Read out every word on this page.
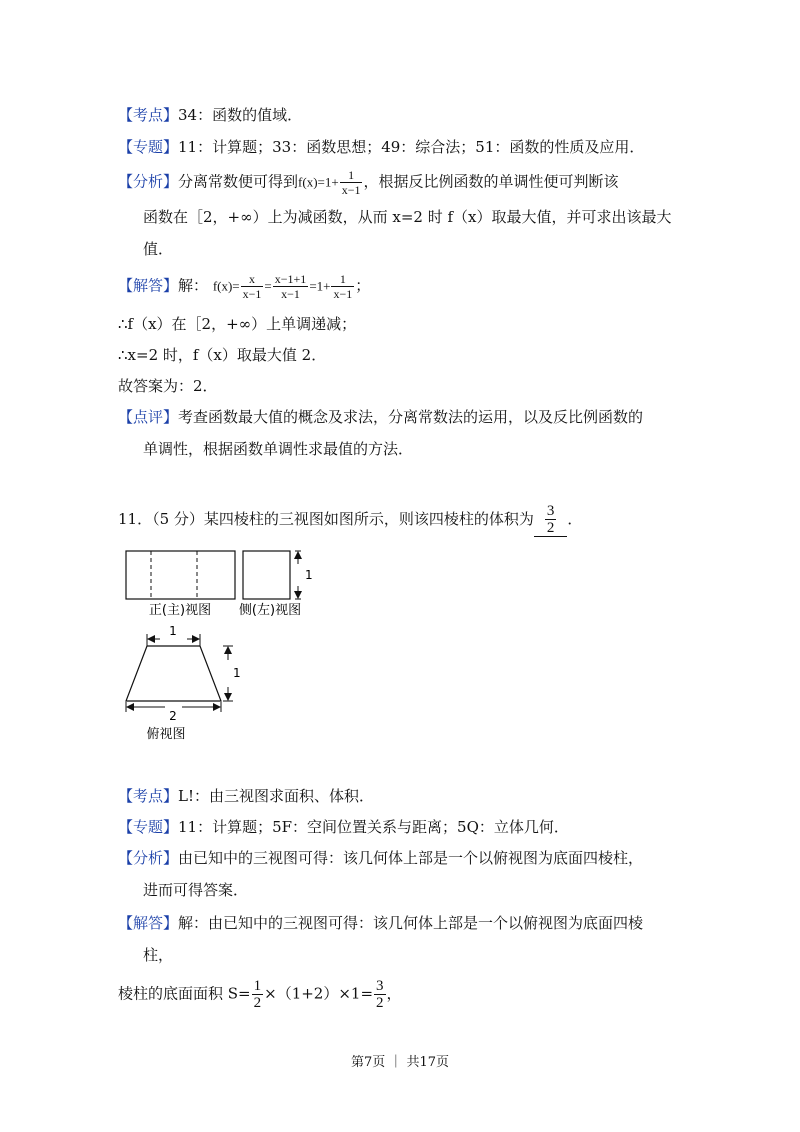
【考点】34：函数的值域．
【专题】11：计算题；33：函数思想；49：综合法；51：函数的性质及应用．
【分析】分离常数便可得到$f(x)=1+ \frac{1}{x-1}$ ，根据反比例函数的单调性便可判断该
函数在［2，+∞）上为减函数，从而 x=2 时 f（x）取最大值，并可求出该最大
值．
【解答】解： $f(x)= \frac{x}{x-1} = \frac{x-1+1}{x-1} =1+ \frac{1}{x-1}$ ；
∴f（x）在［2，+∞）上单调递减；
∴x=2 时，f（x）取最大值 2．
故答案为：2．
【点评】考查函数最大值的概念及求法，分离常数法的运用，以及反比例函数的
单调性，根据函数单调性求最值的方法．
11．（5 分）某四棱柱的三视图如图所示，则该四棱柱的体积为 $\frac{3}{2}$ ．
正(主)视图
1
侧(左)视图
1
1
2
俯视图
【考点】L!：由三视图求面积、体积．
【专题】11：计算题；5F：空间位置关系与距离；5Q：立体几何．
【分析】由已知中的三视图可得：该几何体上部是一个以俯视图为底面四棱柱，
进而可得答案．
【解答】解：由已知中的三视图可得：该几何体上部是一个以俯视图为底面四棱
柱，
棱柱的底面面积 $S= \frac{1}{2} \times(1+2)\times 1= \frac{3}{2}$ ，
第7页 ｜ 共17页
